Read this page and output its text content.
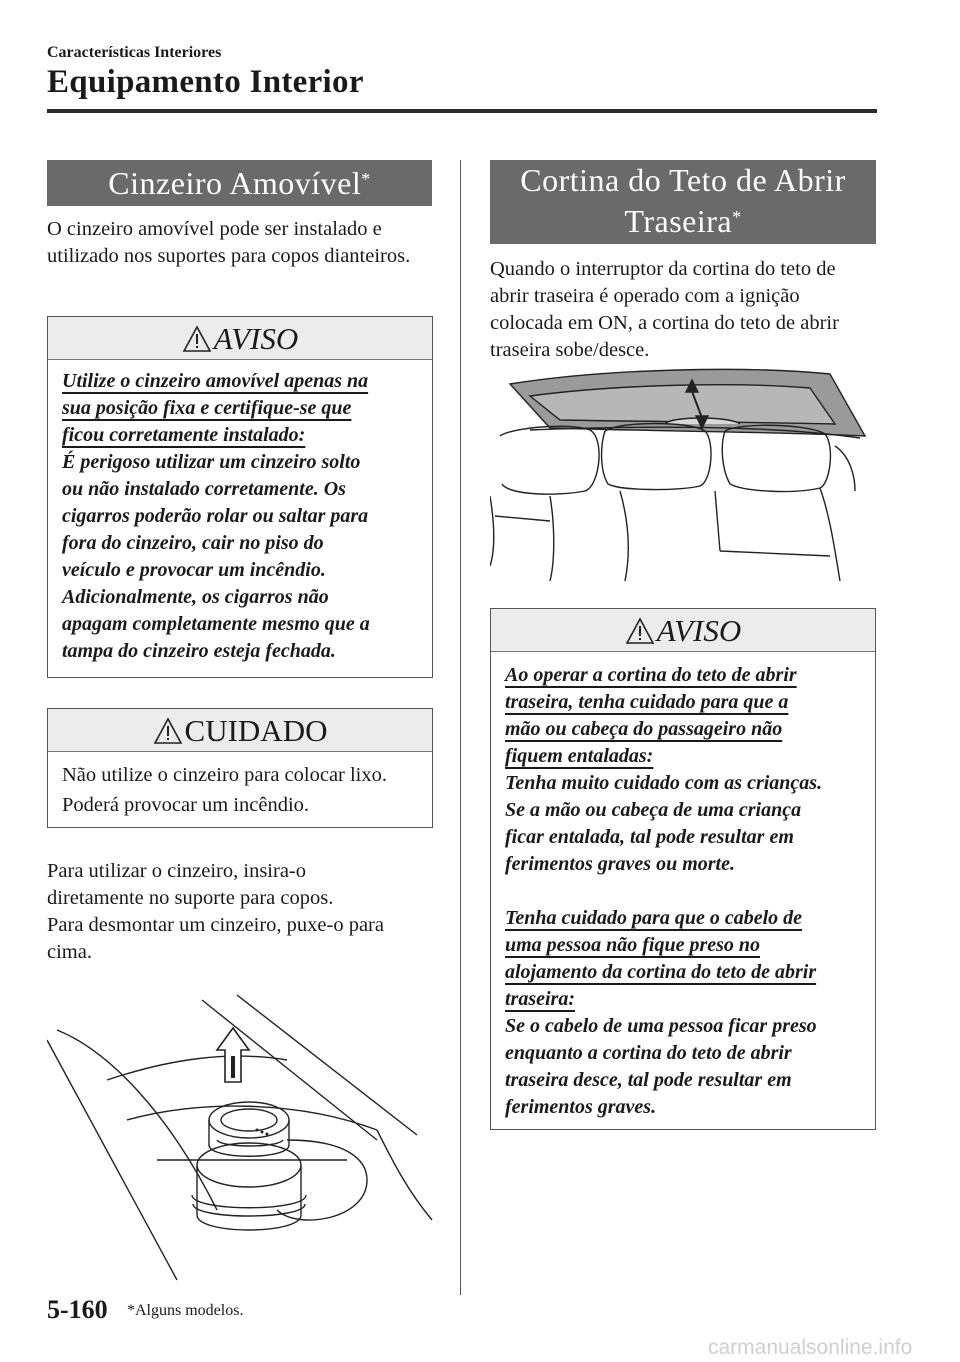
Características Interiores
Equipamento Interior
Cinzeiro Amovível*
O cinzeiro amovível pode ser instalado e utilizado nos suportes para copos dianteiros.
AVISO
Utilize o cinzeiro amovível apenas na
sua posição fixa e certifique-se que
ficou corretamente instalado:
É perigoso utilizar um cinzeiro solto
ou não instalado corretamente. Os
cigarros poderão rolar ou saltar para
fora do cinzeiro, cair no piso do
veículo e provocar um incêndio.
Adicionalmente, os cigarros não
apagam completamente mesmo que a
tampa do cinzeiro esteja fechada.
CUIDADO
Não utilize o cinzeiro para colocar lixo.
Poderá provocar um incêndio.
Para utilizar o cinzeiro, insira-o
diretamente no suporte para copos.
Para desmontar um cinzeiro, puxe-o para
cima.
Cortina do Teto de Abrir
Traseira*
Quando o interruptor da cortina do teto de
abrir traseira é operado com a ignição
colocada em ON, a cortina do teto de abrir
traseira sobe/desce.
AVISO
Ao operar a cortina do teto de abrir
traseira, tenha cuidado para que a
mão ou cabeça do passageiro não
fiquem entaladas:
Tenha muito cuidado com as crianças.
Se a mão ou cabeça de uma criança
ficar entalada, tal pode resultar em
ferimentos graves ou morte.
Tenha cuidado para que o cabelo de
uma pessoa não fique preso no
alojamento da cortina do teto de abrir
traseira:
Se o cabelo de uma pessoa ficar preso
enquanto a cortina do teto de abrir
traseira desce, tal pode resultar em
ferimentos graves.
5-160 *Alguns modelos.
carmanualsonline.info
